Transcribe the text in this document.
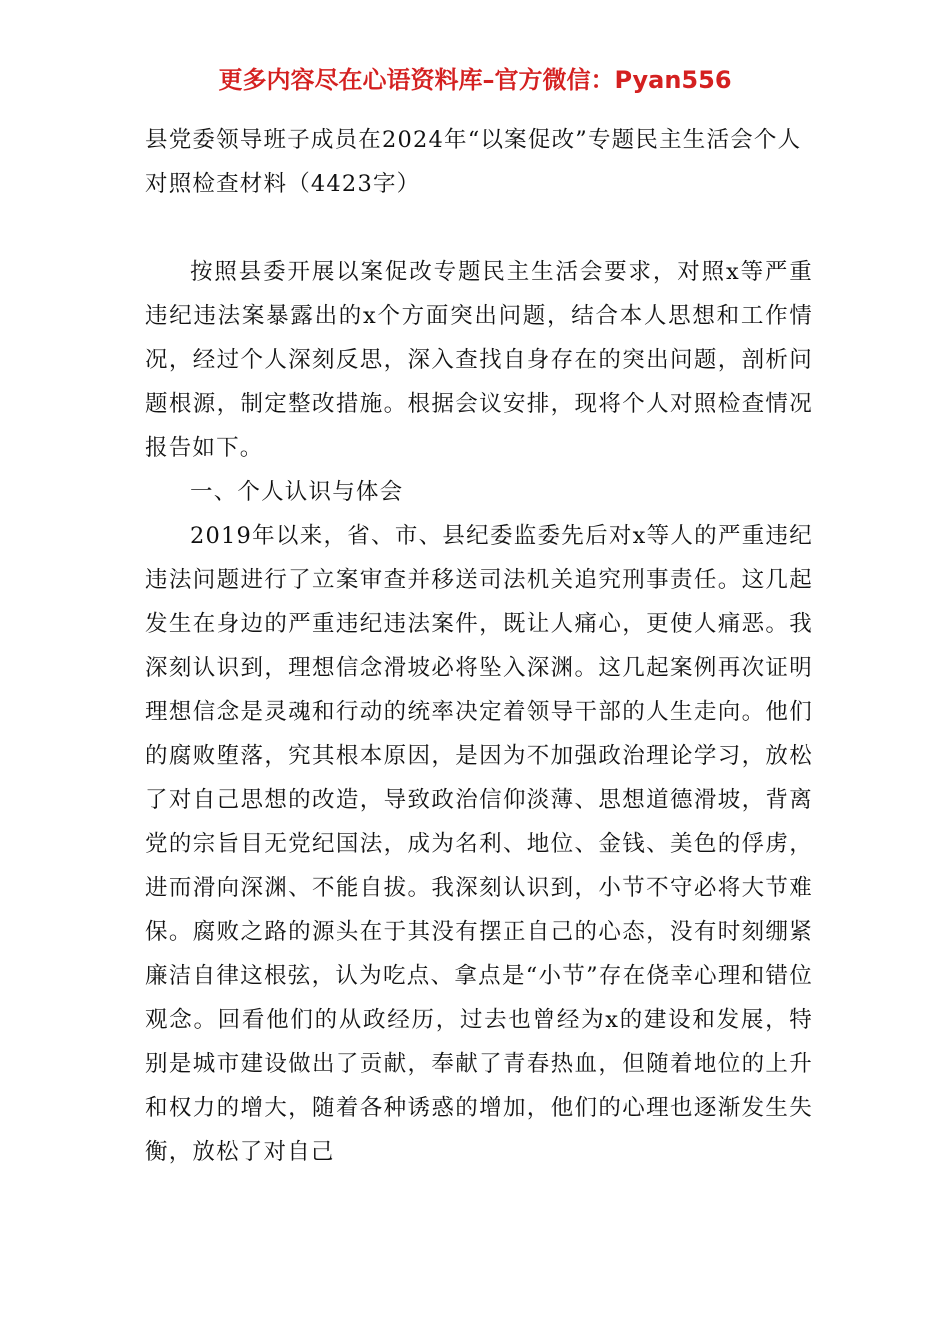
更多内容尽在心语资料库–官方微信：Pyan556
县党委领导班子成员在2024年“以案促改”专题民主生活会个人对照检查材料（4423字）

按照县委开展以案促改专题民主生活会要求，对照x等严重违纪违法案暴露出的x个方面突出问题，结合本人思想和工作情况，经过个人深刻反思，深入查找自身存在的突出问题，剖析问题根源，制定整改措施。根据会议安排，现将个人对照检查情况报告如下。

一、个人认识与体会

2019年以来，省、市、县纪委监委先后对x等人的严重违纪违法问题进行了立案审查并移送司法机关追究刑事责任。这几起发生在身边的严重违纪违法案件，既让人痛心，更使人痛恶。我深刻认识到，理想信念滑坡必将坠入深渊。这几起案例再次证明理想信念是灵魂和行动的统率决定着领导干部的人生走向。他们的腐败堕落，究其根本原因，是因为不加强政治理论学习，放松了对自己思想的改造，导致政治信仰淡薄、思想道德滑坡，背离党的宗旨目无党纪国法，成为名利、地位、金钱、美色的俘虏，进而滑向深渊、不能自拔。我深刻认识到，小节不守必将大节难保。腐败之路的源头在于其没有摆正自己的心态，没有时刻绷紧廉洁自律这根弦，认为吃点、拿点是“小节”存在侥幸心理和错位观念。回看他们的从政经历，过去也曾经为x的建设和发展，特别是城市建设做出了贡献，奉献了青春热血，但随着地位的上升和权力的增大，随着各种诱惑的增加，他们的心理也逐渐发生失衡，放松了对自己
